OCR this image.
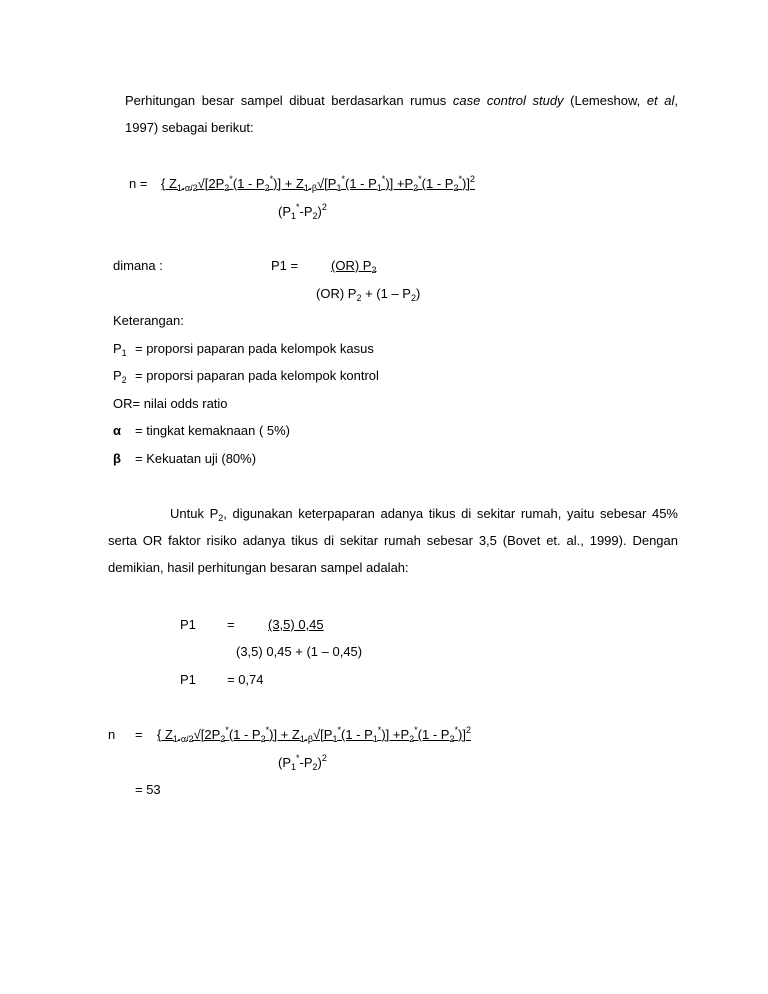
Perhitungan besar sampel dibuat berdasarkan rumus case control study (Lemeshow, et al, 1997) sebagai berikut:
n = { $Z_{1-\alpha/2}√[2P_2^*(1 - P_2^*)] + Z_{1-\beta}√[P_1^*(1 - P_1^*)] +P_2^*(1 - P_2^*)]^2$
$(P_1^*-P_2)^2$
dimana :	P1 =	(OR) $P_2$
(OR) $P_2 + (1 - P_2)$
Keterangan:
$P_1$ = proporsi paparan pada kelompok kasus
$P_2$ = proporsi paparan pada kelompok kontrol
OR= nilai odds ratio
α = tingkat kemaknaan ( 5%)
β = Kekuatan uji (80%)
Untuk $P_2$, digunakan keterpaparan adanya tikus di sekitar rumah, yaitu sebesar 45% serta OR faktor risiko adanya tikus di sekitar rumah sebesar 3,5 (Bovet et. al., 1999). Dengan demikian, hasil perhitungan besaran sampel adalah:
P1 =	(3,5) 0,45
(3,5) 0,45 + (1 – 0,45)
P1 = 0,74
n = { $Z_{1-\alpha/2}√[2P_2^*(1 - P_2^*)] + Z_{1-\beta}√[P_1^*(1 - P_1^*)] +P_2^*(1 - P_2^*)]^2$
$(P_1^*-P_2)^2$
= 53
